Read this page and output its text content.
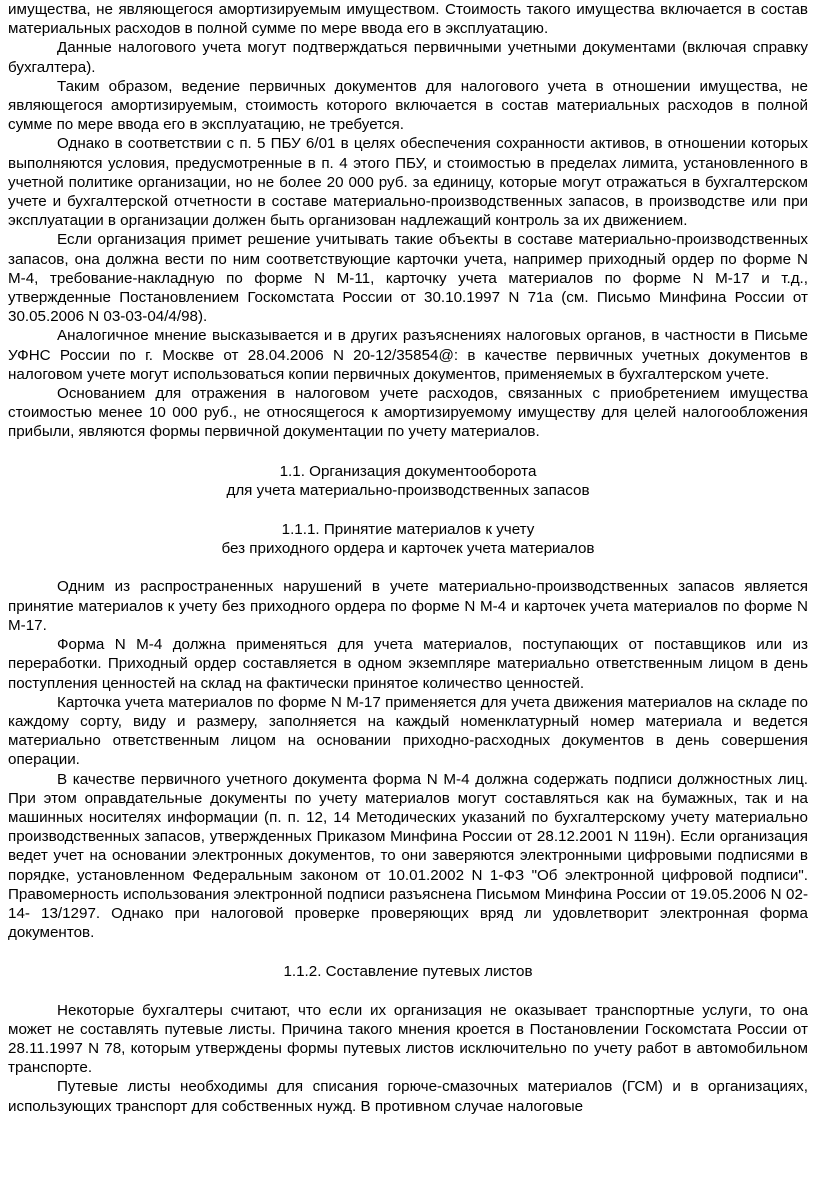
имущества, не являющегося амортизируемым имуществом. Стоимость такого имущества включается в состав материальных расходов в полной сумме по мере ввода его в эксплуатацию.

Данные налогового учета могут подтверждаться первичными учетными документами (включая справку бухгалтера).

Таким образом, ведение первичных документов для налогового учета в отношении имущества, не являющегося амортизируемым, стоимость которого включается в состав материальных расходов в полной сумме по мере ввода его в эксплуатацию, не требуется.

Однако в соответствии с п. 5 ПБУ 6/01 в целях обеспечения сохранности активов, в отношении которых выполняются условия, предусмотренные в п. 4 этого ПБУ, и стоимостью в пределах лимита, установленного в учетной политике организации, но не более 20 000 руб. за единицу, которые могут отражаться в бухгалтерском учете и бухгалтерской отчетности в составе материально-производственных запасов, в производстве или при эксплуатации в организации должен быть организован надлежащий контроль за их движением.

Если организация примет решение учитывать такие объекты в составе материально-производственных запасов, она должна вести по ним соответствующие карточки учета, например приходный ордер по форме N М-4, требование-накладную по форме N М-11, карточку учета материалов по форме N М-17 и т.д., утвержденные Постановлением Госкомстата России от 30.10.1997 N 71а (см. Письмо Минфина России от 30.05.2006 N 03-03-04/4/98).

Аналогичное мнение высказывается и в других разъяснениях налоговых органов, в частности в Письме УФНС России по г. Москве от 28.04.2006 N 20-12/35854@: в качестве первичных учетных документов в налоговом учете могут использоваться копии первичных документов, применяемых в бухгалтерском учете.

Основанием для отражения в налоговом учете расходов, связанных с приобретением имущества стоимостью менее 10 000 руб., не относящегося к амортизируемому имуществу для целей налогообложения прибыли, являются формы первичной документации по учету материалов.

1.1. Организация документооборота
для учета материально-производственных запасов
1.1.1. Принятие материалов к учету
без приходного ордера и карточек учета материалов

Одним из распространенных нарушений в учете материально-производственных запасов является принятие материалов к учету без приходного ордера по форме N М-4 и карточек учета материалов по форме N М-17.

Форма N М-4 должна применяться для учета материалов, поступающих от поставщиков или из переработки. Приходный ордер составляется в одном экземпляре материально ответственным лицом в день поступления ценностей на склад на фактически принятое количество ценностей.

Карточка учета материалов по форме N М-17 применяется для учета движения материалов на складе по каждому сорту, виду и размеру, заполняется на каждый номенклатурный номер материала и ведется материально ответственным лицом на основании приходно-расходных документов в день совершения операции.

В качестве первичного учетного документа форма N М-4 должна содержать подписи должностных лиц. При этом оправдательные документы по учету материалов могут составляться как на бумажных, так и на машинных носителях информации (п. п. 12, 14 Методических указаний по бухгалтерскому учету материально производственных запасов, утвержденных Приказом Минфина России от 28.12.2001 N 119н). Если организация ведет учет на основании электронных документов, то они заверяются электронными цифровыми подписями в порядке, установленном Федеральным законом от 10.01.2002 N 1-ФЗ "Об электронной цифровой подписи". Правомерность использования электронной подписи разъяснена Письмом Минфина России от 19.05.2006 N 02-14- 13/1297. Однако при налоговой проверке проверяющих вряд ли удовлетворит электронная форма документов.

1.1.2. Составление путевых листов

Некоторые бухгалтеры считают, что если их организация не оказывает транспортные услуги, то она может не составлять путевые листы. Причина такого мнения кроется в Постановлении Госкомстата России от 28.11.1997 N 78, которым утверждены формы путевых листов исключительно по учету работ в автомобильном транспорте.

Путевые листы необходимы для списания горюче-смазочных материалов (ГСМ) и в организациях, использующих транспорт для собственных нужд. В противном случае налоговые
